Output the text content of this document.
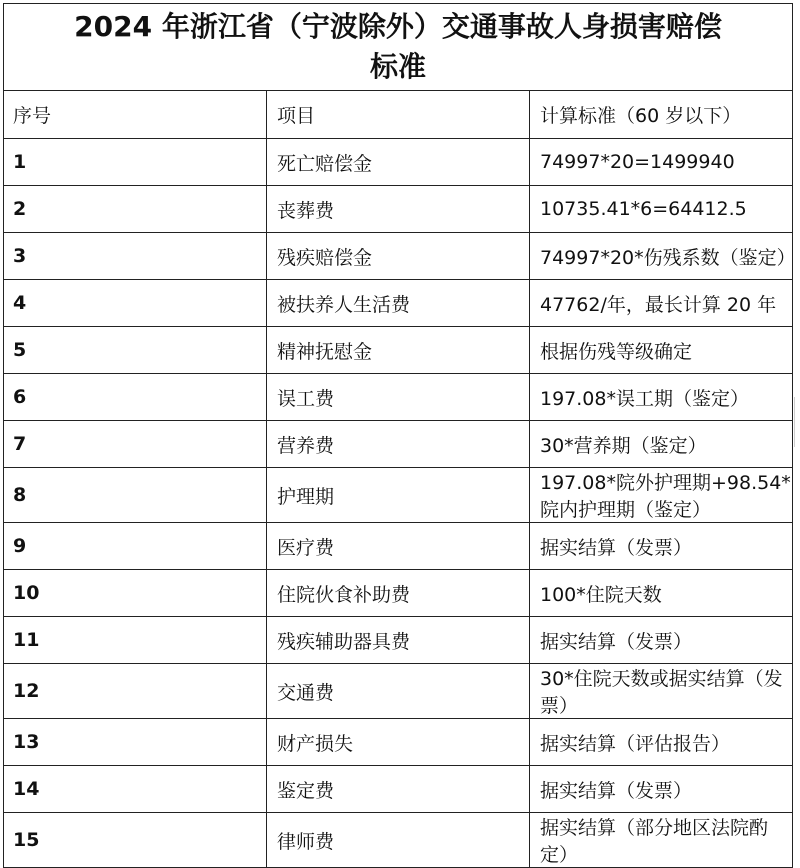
2024 年浙江省（宁波除外）交通事故人身损害赔偿
标准		

序号	项目	计算标准（60 岁以下）
1	死亡赔偿金	74997*20=1499940
2	丧葬费	10735.41*6=64412.5
3	残疾赔偿金	74997*20*伤残系数（鉴定）
4	被扶养人生活费	47762/年，最长计算 20 年
5	精神抚慰金	根据伤残等级确定
6	误工费	197.08*误工期（鉴定）
7	营养费	30*营养期（鉴定）
8	护理期	197.08*院外护理期+98.54*院内护理期（鉴定）
9	医疗费	据实结算（发票）
10	住院伙食补助费	100*住院天数
11	残疾辅助器具费	据实结算（发票）
12	交通费	30*住院天数或据实结算（发票）
13	财产损失	据实结算（评估报告）
14	鉴定费	据实结算（发票）
15	律师费	据实结算（部分地区法院酌定）
